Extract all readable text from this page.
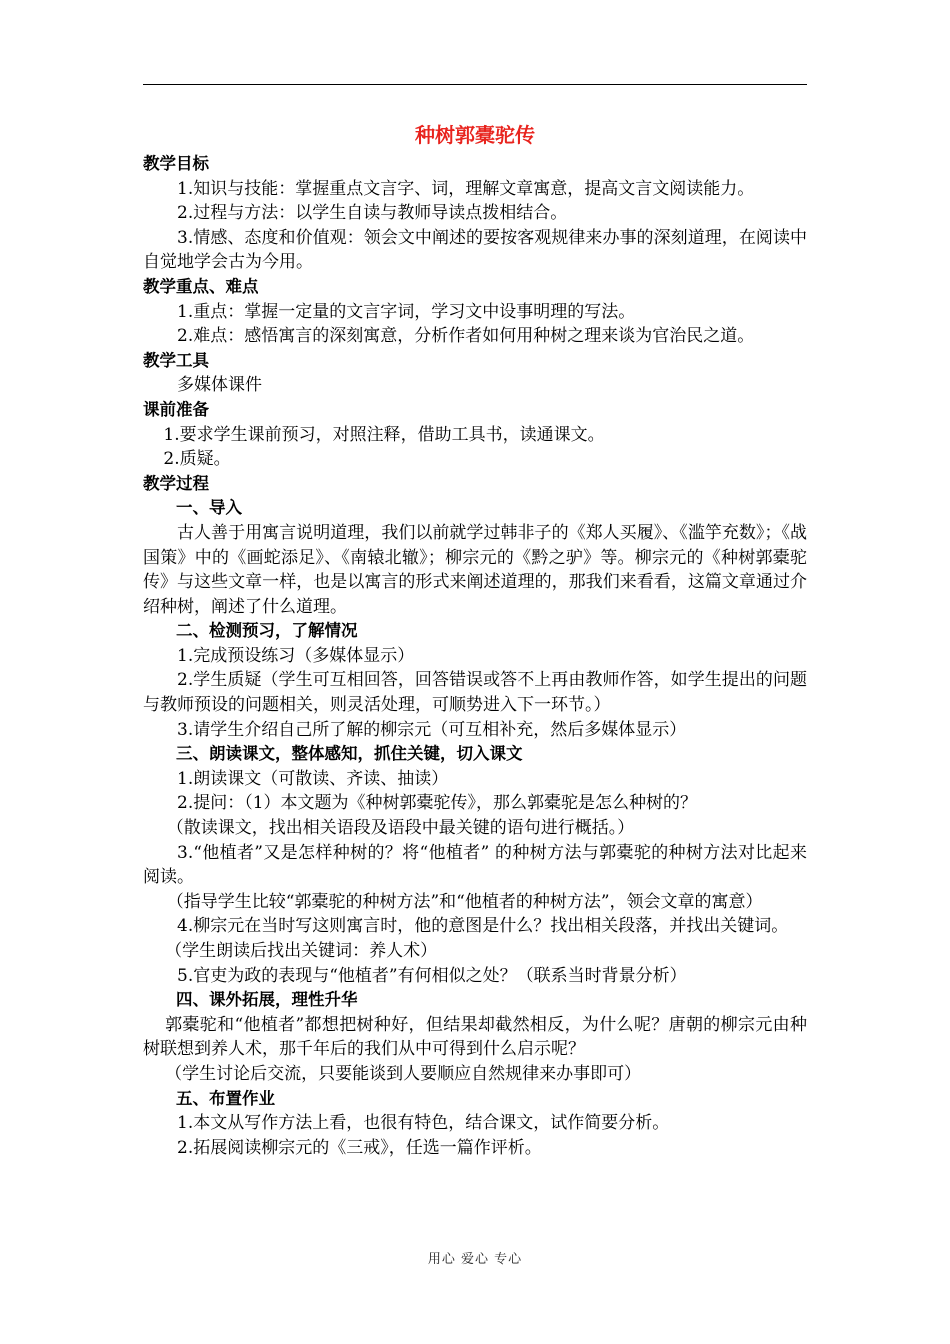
种树郭橐驼传
教学目标
1.知识与技能：掌握重点文言字、词，理解文章寓意，提高文言文阅读能力。
2.过程与方法：以学生自读与教师导读点拨相结合。
3.情感、态度和价值观：领会文中阐述的要按客观规律来办事的深刻道理，在阅读中自觉地学会古为今用。
教学重点、难点
1.重点：掌握一定量的文言字词，学习文中设事明理的写法。
2.难点：感悟寓言的深刻寓意，分析作者如何用种树之理来谈为官治民之道。
教学工具
多媒体课件
课前准备
1.要求学生课前预习，对照注释，借助工具书，读通课文。
2.质疑。
教学过程
一、导入
古人善于用寓言说明道理，我们以前就学过韩非子的《郑人买履》、《滥竽充数》；《战国策》中的《画蛇添足》、《南辕北辙》；柳宗元的《黔之驴》等。柳宗元的《种树郭橐驼传》与这些文章一样，也是以寓言的形式来阐述道理的，那我们来看看，这篇文章通过介绍种树，阐述了什么道理。
二、检测预习，了解情况
1.完成预设练习（多媒体显示）
2.学生质疑（学生可互相回答，回答错误或答不上再由教师作答，如学生提出的问题与教师预设的问题相关，则灵活处理，可顺势进入下一环节。）
3.请学生介绍自己所了解的柳宗元（可互相补充，然后多媒体显示）
三、朗读课文，整体感知，抓住关键，切入课文
1.朗读课文（可散读、齐读、抽读）
2.提问：（1）本文题为《种树郭橐驼传》，那么郭橐驼是怎么种树的？
（散读课文，找出相关语段及语段中最关键的语句进行概括。）
3.“他植者”又是怎样种树的？将“他植者” 的种树方法与郭橐驼的种树方法对比起来阅读。
（指导学生比较“郭橐驼的种树方法”和“他植者的种树方法”，领会文章的寓意）
4.柳宗元在当时写这则寓言时，他的意图是什么？找出相关段落，并找出关键词。
（学生朗读后找出关键词：养人术）
5.官吏为政的表现与“他植者”有何相似之处？（联系当时背景分析）
四、课外拓展，理性升华
郭橐驼和“他植者”都想把树种好，但结果却截然相反，为什么呢？唐朝的柳宗元由种树联想到养人术，那千年后的我们从中可得到什么启示呢？
（学生讨论后交流，只要能谈到人要顺应自然规律来办事即可）
五、布置作业
1.本文从写作方法上看，也很有特色，结合课文，试作简要分析。
2.拓展阅读柳宗元的《三戒》，任选一篇作评析。
用心 爱心 专心
